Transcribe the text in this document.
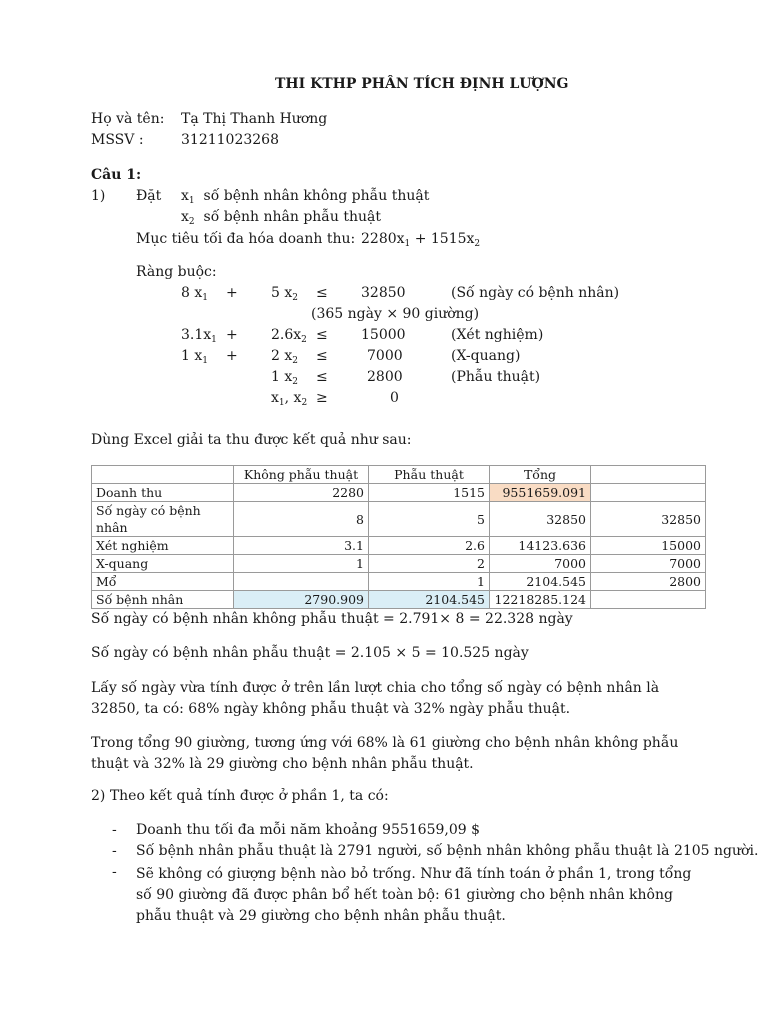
THI KTHP PHÂN TÍCH ĐỊNH LƯỢNG
Họ và tên: Tạ Thị Thanh Hương
MSSV :	31211023268
Câu 1:
1) Đặt $x_1$ số bệnh nhân không phẫu thuật
$x_2$ số bệnh nhân phẫu thuật
Mục tiêu tối đa hóa doanh thu: $2280x_1 + 1515x_2$
Ràng buộc:
8 $x_1 + 5$ $x_2 \le 32850$	(Số ngày có bệnh nhân)
(365 ngày × 90 giường)
$3.1x_1 + 2.6x_2 \le 15000$	(Xét nghiệm)
1 $x_1 + 2$ $x_2$ ≤	7000	(X-quang)
1 $x_2$ ≤	2800	(Phẫu thuật)
$x_1$, $x_2$ ≥	0
Dùng Excel giải ta thu được kết quả như sau:
	Không phẫu thuật	Phẫu thuật	Tổng	
Doanh thu	2280	1515	9551659.091	
Số ngày có bệnh nhân	8	5	32850	32850
Xét nghiệm	3.1	2.6	14123.636	15000
X-quang	1	2	7000	7000
Mổ		1	2104.545	2800
Số bệnh nhân	2790.909	2104.545	12218285.124	
Số ngày có bệnh nhân không phẫu thuật = 2.791× 8 = 22.328 ngày
Số ngày có bệnh nhân phẫu thuật = 2.105 × 5 = 10.525 ngày

Lấy số ngày vừa tính được ở trên lần lượt chia cho tổng số ngày có bệnh nhân là 32850, ta có: 68% ngày không phẫu thuật và 32% ngày phẫu thuật.

Trong tổng 90 giường, tương ứng với 68% là 61 giường cho bệnh nhân không phẫu thuật và 32% là 29 giường cho bệnh nhân phẫu thuật.

2) Theo kết quả tính được ở phần 1, ta có:
- Doanh thu tối đa mỗi năm khoảng 9551659,09 $
- Số bệnh nhân phẫu thuật là 2791 người, số bệnh nhân không phẫu thuật là 2105 người.
- Sẽ không có giượng bệnh nào bỏ trống. Như đã tính toán ở phần 1, trong tổng số 90 giường đã được phân bổ hết toàn bộ: 61 giường cho bệnh nhân không phẫu thuật và 29 giường cho bệnh nhân phẫu thuật.
